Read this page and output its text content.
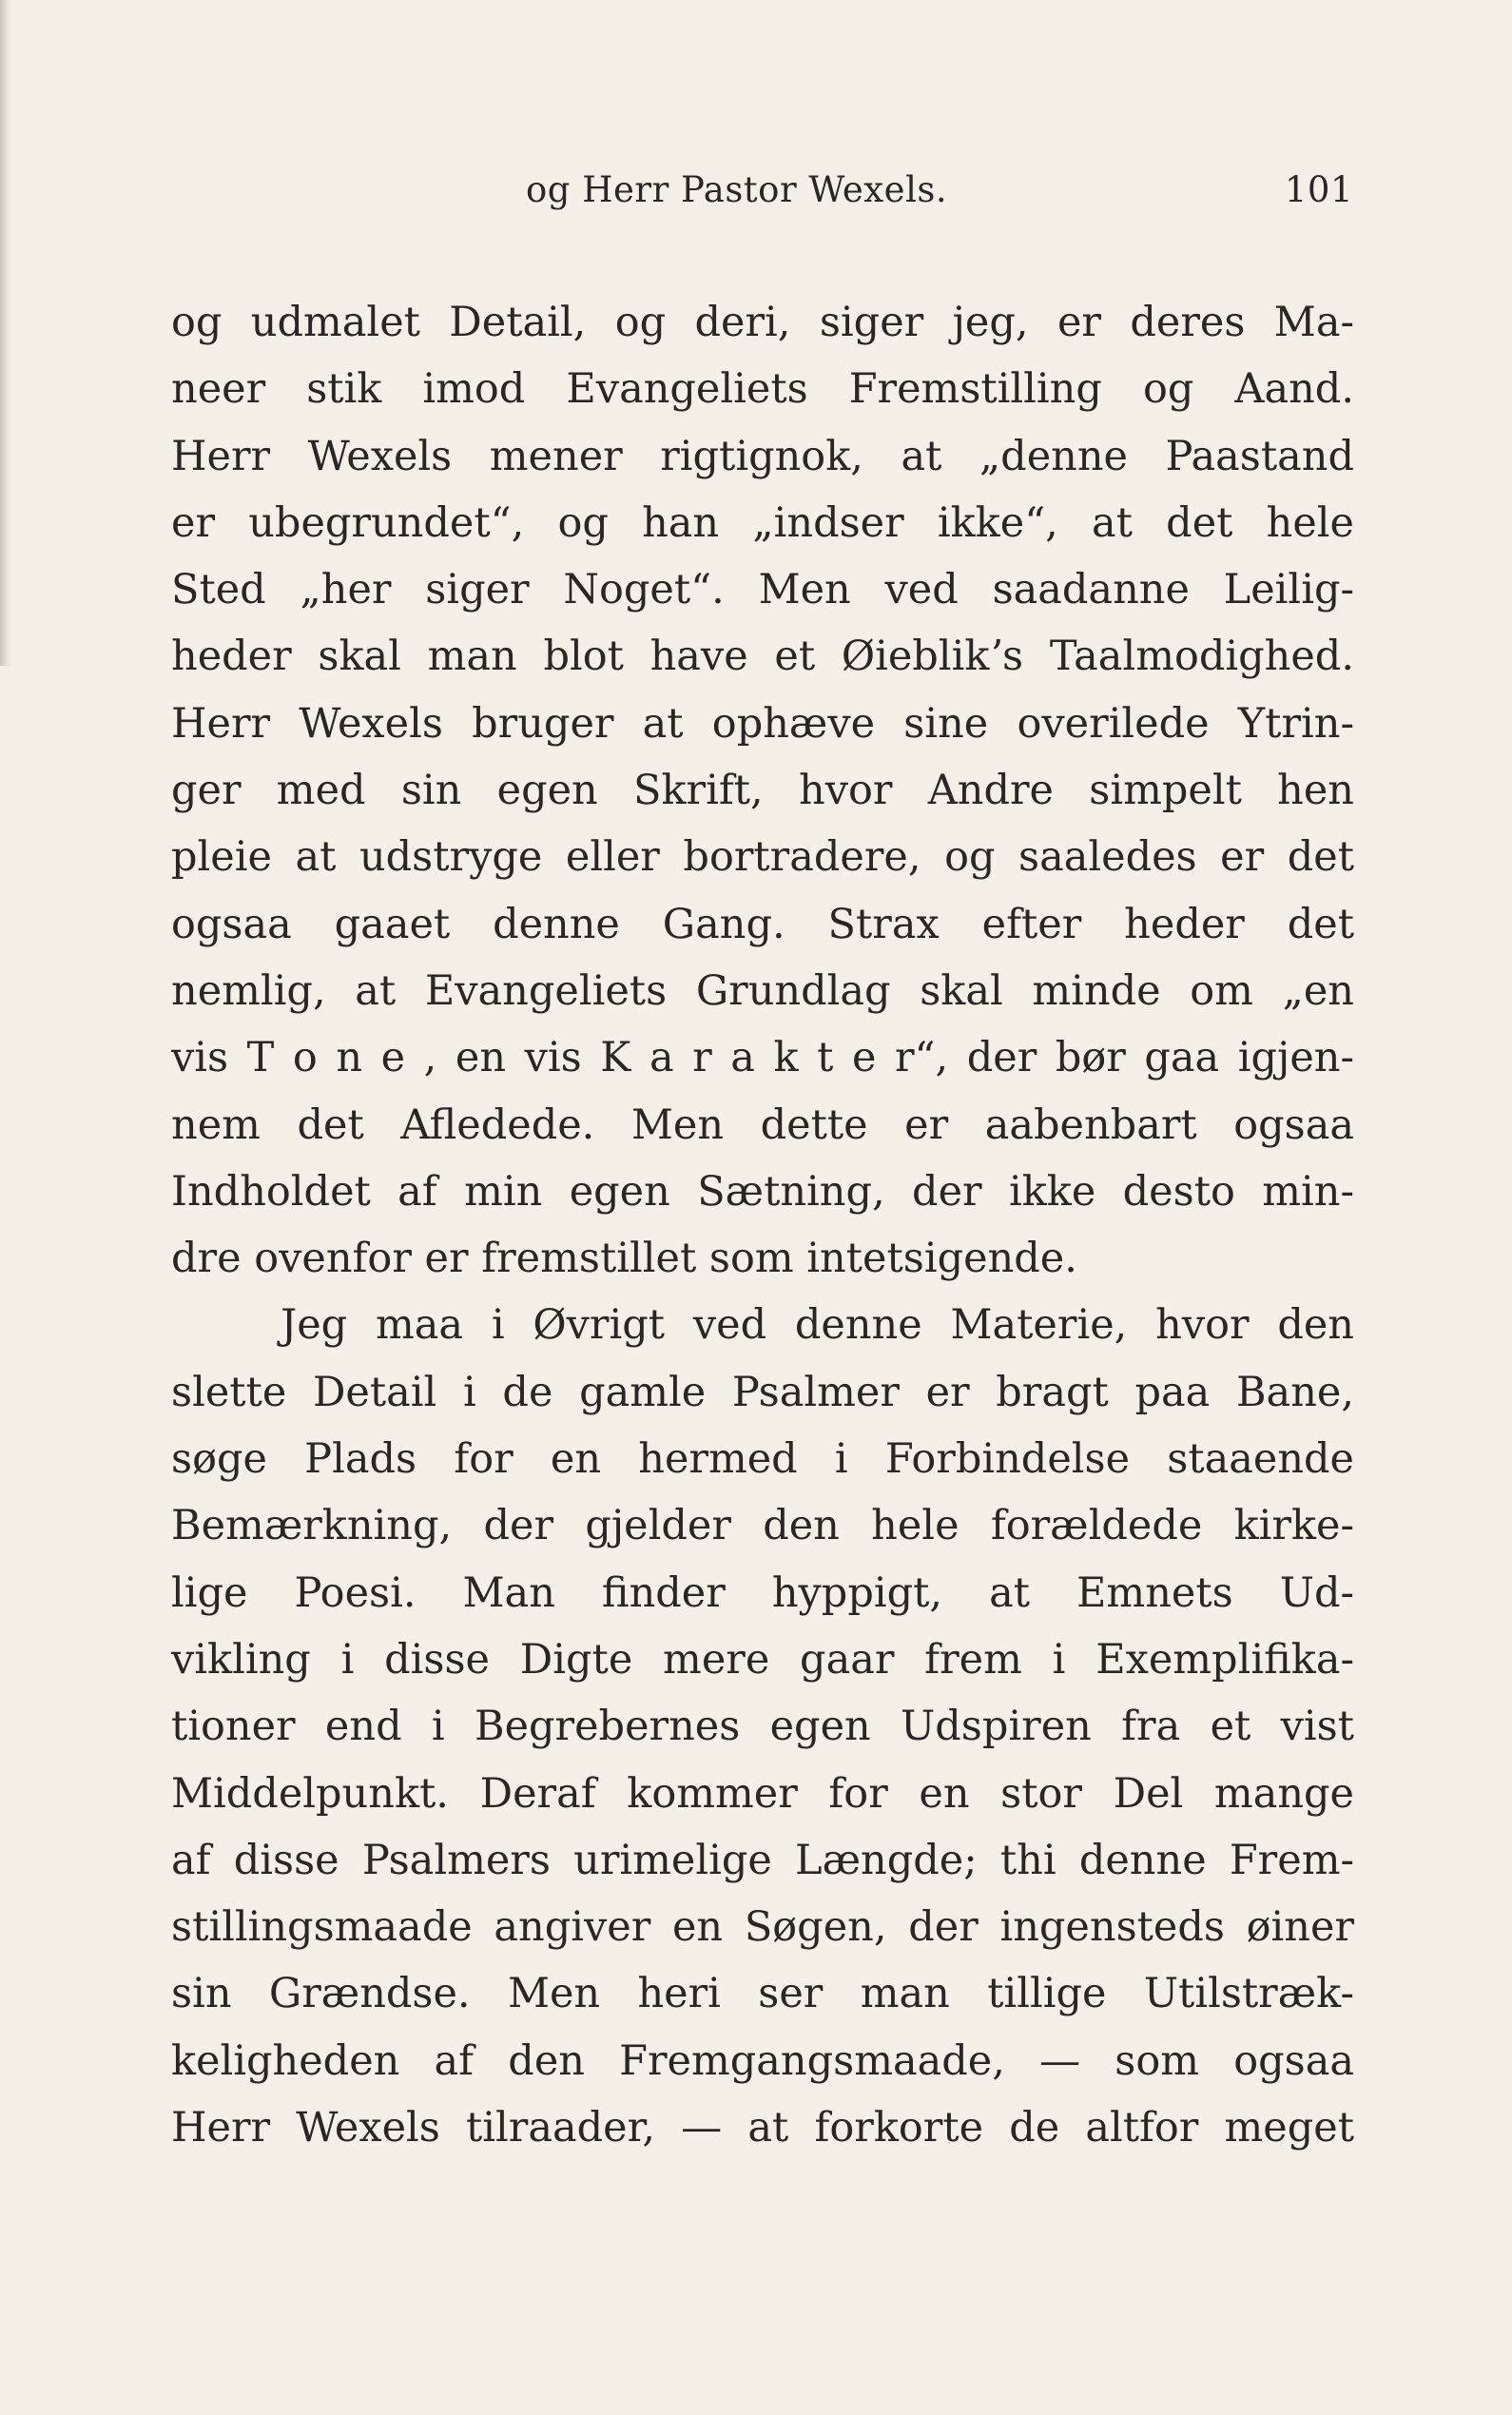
og Herr Pastor Wexels.	101
og udmalet Detail, og deri, siger jeg, er deres Ma-
neer stik imod Evangeliets Fremstilling og Aand.
Herr Wexels mener rigtignok, at „denne Paastand
er ubegrundet“, og han „indser ikke“, at det hele
Sted „her siger Noget“. Men ved saadanne Leilig-
heder skal man blot have et Øieblikʼs Taalmodighed.
Herr Wexels bruger at ophæve sine overilede Ytrin-
ger med sin egen Skrift, hvor Andre simpelt hen
pleie at udstryge eller bortradere, og saaledes er det
ogsaa gaaet denne Gang. Strax efter heder det
nemlig, at Evangeliets Grundlag skal minde om „en
vis T o n e , en vis K a r a k t e r“, der bør gaa igjen-
nem det Afledede. Men dette er aabenbart ogsaa
Indholdet af min egen Sætning, der ikke desto min-
dre ovenfor er fremstillet som intetsigende.
Jeg maa i Øvrigt ved denne Materie, hvor den
slette Detail i de gamle Psalmer er bragt paa Bane,
søge Plads for en hermed i Forbindelse staaende
Bemærkning, der gjelder den hele forældede kirke-
lige Poesi. Man finder hyppigt, at Emnets Ud-
vikling i disse Digte mere gaar frem i Exemplifika-
tioner end i Begrebernes egen Udspiren fra et vist
Middelpunkt. Deraf kommer for en stor Del mange
af disse Psalmers urimelige Længde; thi denne Frem-
stillingsmaade angiver en Søgen, der ingensteds øiner
sin Grændse. Men heri ser man tillige Utilstræk-
keligheden af den Fremgangsmaade, — som ogsaa
Herr Wexels tilraader, — at forkorte de altfor meget
